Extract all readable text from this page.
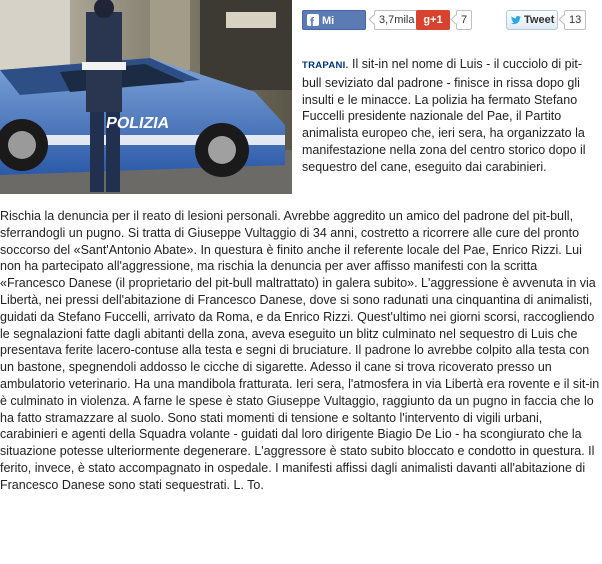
POLIZIA
f
Mi piace
3,7mila g+1	7	Tweet	13

TRAPANI. Il sit-in nel nome di Luis - il cucciolo di pit-bull seviziato dal padrone - finisce in rissa dopo gli insulti e le minacce. La polizia ha fermato Stefano Fuccelli presidente nazionale del Pae, il Partito animalista europeo che, ieri sera, ha organizzato la manifestazione nella zona del centro storico dopo il sequestro del cane, eseguito dai carabinieri.

Rischia la denuncia per il reato di lesioni personali. Avrebbe aggredito un amico del padrone del pit-bull, sferrandogli un pugno. Si tratta di Giuseppe Vultaggio di 34 anni, costretto a ricorrere alle cure del pronto soccorso del «Sant'Antonio Abate». In questura è finito anche il referente locale del Pae, Enrico Rizzi. Lui non ha partecipato all'aggressione, ma rischia la denuncia per aver affisso manifesti con la scritta «Francesco Danese (il proprietario del pit-bull maltrattato) in galera subito». L'aggressione è avvenuta in via Libertà, nei pressi dell'abitazione di Francesco Danese, dove si sono radunati una cinquantina di animalisti, guidati da Stefano Fuccelli, arrivato da Roma, e da Enrico Rizzi. Quest'ultimo nei giorni scorsi, raccogliendo le segnalazioni fatte dagli abitanti della zona, aveva eseguito un blitz culminato nel sequestro di Luis che presentava ferite lacero-contuse alla testa e segni di bruciature. Il padrone lo avrebbe colpito alla testa con un bastone, spegnendoli addosso le cicche di sigarette. Adesso il cane si trova ricoverato presso un ambulatorio veterinario. Ha una mandibola fratturata. Ieri sera, l'atmosfera in via Libertà era rovente e il sit-in è culminato in violenza. A farne le spese è stato Giuseppe Vultaggio, raggiunto da un pugno in faccia che lo ha fatto stramazzare al suolo. Sono stati momenti di tensione e soltanto l'intervento di vigili urbani, carabinieri e agenti della Squadra volante - guidati dal loro dirigente Biagio De Lio - ha scongiurato che la situazione potesse ulteriormente degenerare. L'aggressore è stato subito bloccato e condotto in questura. Il ferito, invece, è stato accompagnato in ospedale. I manifesti affissi dagli animalisti davanti all'abitazione di Francesco Danese sono stati sequestrati. L. To.
